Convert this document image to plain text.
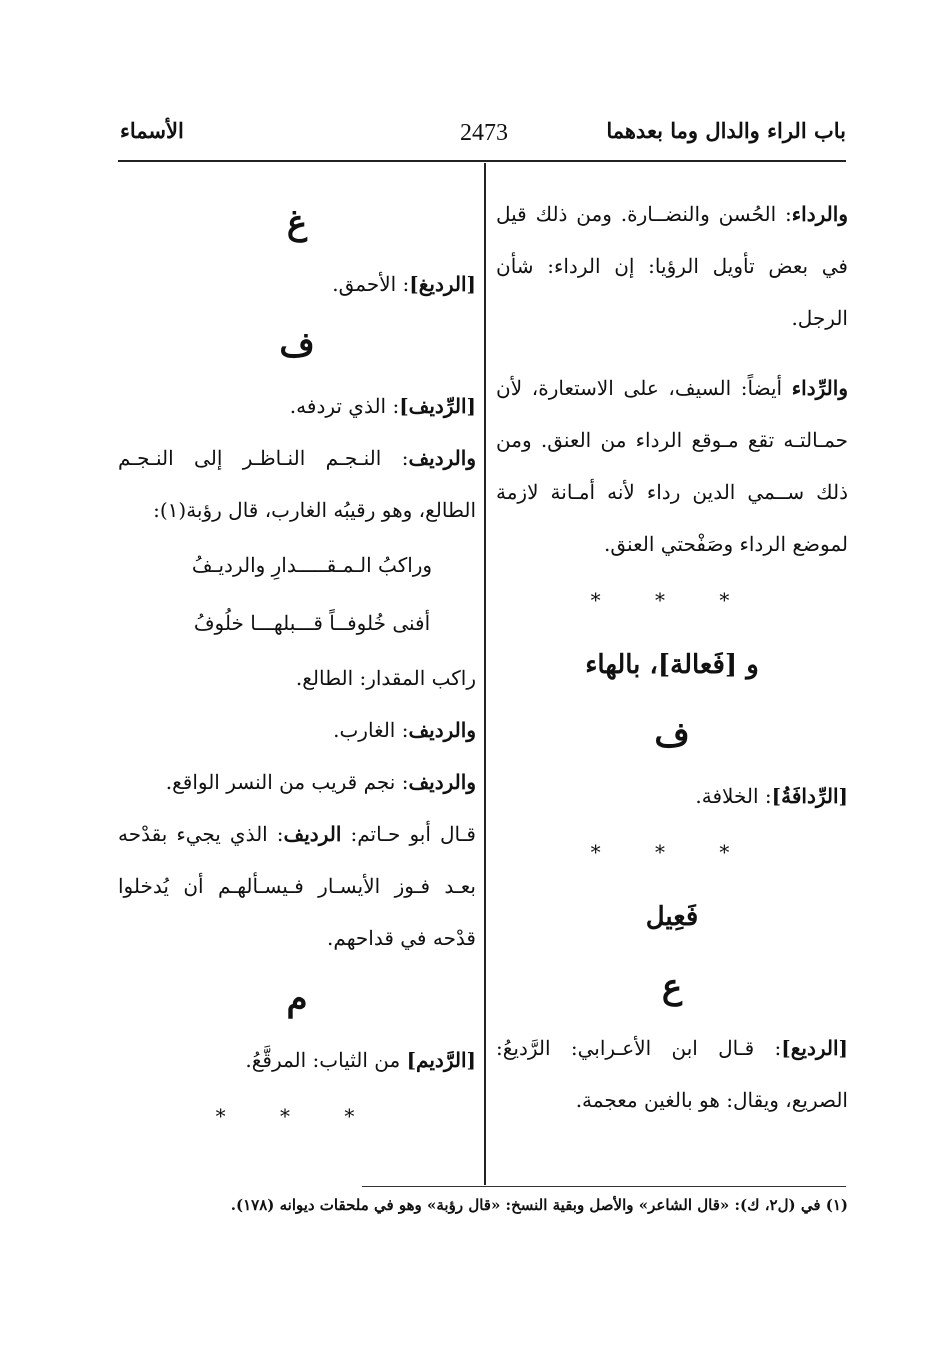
باب الراء والدال وما بعدهما
2473
الأسماء

والرداء: الحُسن والنضــارة. ومن ذلك قيل في بعض تأويل الرؤيا: إن الرداء: شأن الرجل.

والرِّداء أيضاً: السيف، على الاستعارة، لأن حمـالتـه تقع مـوقع الرداء من العنق. ومن ذلك ســمي الدين رداء لأنه أمـانة لازمة لموضع الرداء وصَفْحتي العنق.

* * *
و [فَعالة]، بالهاء
ف

[الرِّدافَةُ]: الخلافة.

* * *
فَعِيل
ع

[الرديع]: قـال ابن الأعـرابي: الرَّديعُ: الصريع، ويقال: هو بالغين معجمة.

غ

[الرديغ]: الأحمق.

ف

[الرِّديف]: الذي تردفه.

والرديف: النـجـم النـاظـر إلى النـجـم الطالع، وهو رقيبُه الغارب، قال رؤبة(١):

وراكبُ الـمـقـــــدارِ والرديـفُ
أفنى خُلوفــاً قـــبلهـــا خلُوفُ

راكب المقدار: الطالع.

والرديف: الغارب.

والرديف: نجم قريب من النسر الواقع.

قـال أبو حـاتم: الرديف: الذي يجيء بقدْحه بعـد فـوز الأيسـار فـيسـألهـم أن يُدخلوا قدْحه في قداحهم.

م

[الرَّديم] من الثياب: المرقَّعُ.

* * *
(١) في (ل٢، ك): «قال الشاعر» والأصل وبقية النسخ: «قال رؤبة» وهو في ملحقات ديوانه (١٧٨).
